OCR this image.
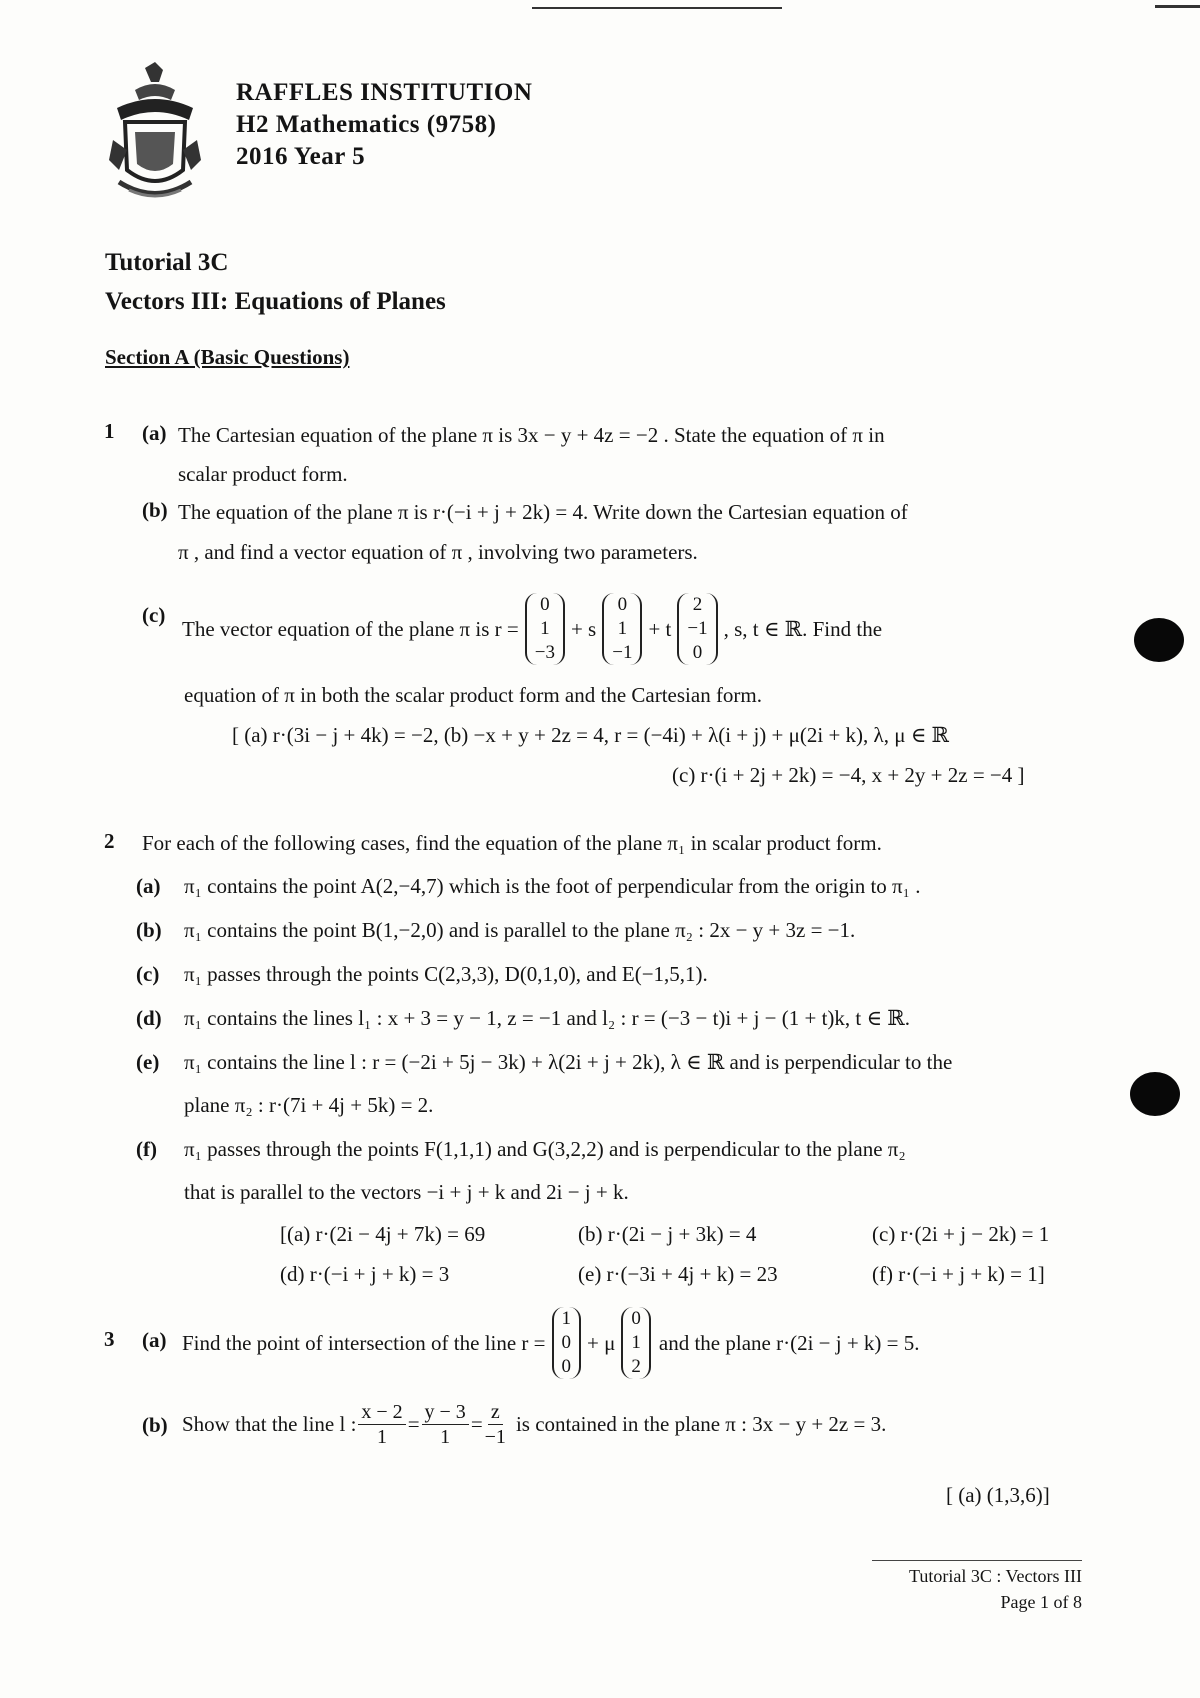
RAFFLES INSTITUTION
H2 Mathematics (9758)
2016 Year 5
Tutorial 3C
Vectors III: Equations of Planes
Section A (Basic Questions)
1 (a) The Cartesian equation of the plane π is 3x − y + 4z = −2 . State the equation of π in
scalar product form.
(b) The equation of the plane π is r·(−i + j + 2k) = 4. Write down the Cartesian equation of
π , and find a vector equation of π , involving two parameters.
(c)
The vector equation of the plane π is r =
0
1
−3
+ s
0
1
−1
+ t
2
−1
0
, s, t ∈ ℝ. Find the
equation of π in both the scalar product form and the Cartesian form.
[ (a) r·(3i − j + 4k) = −2, (b) −x + y + 2z = 4, r = (−4i) + λ(i + j) + μ(2i + k), λ, μ ∈ ℝ
(c) r·(i + 2j + 2k) = −4, x + 2y + 2z = −4 ]
2 For each of the following cases, find the equation of the plane π₁ in scalar product form.
(a) π₁ contains the point A(2,−4,7) which is the foot of perpendicular from the origin to π₁ .
(b) π₁ contains the point B(1,−2,0) and is parallel to the plane π₂ : 2x − y + 3z = −1.
(c) π₁ passes through the points C(2,3,3), D(0,1,0), and E(−1,5,1).
(d) π₁ contains the lines l₁ : x + 3 = y − 1, z = −1 and l₂ : r = (−3 − t)i + j − (1 + t)k, t ∈ ℝ.
(e) π₁ contains the line l : r = (−2i + 5j − 3k) + λ(2i + j + 2k), λ ∈ ℝ and is perpendicular to the
plane π₂ : r·(7i + 4j + 5k) = 2.
(f) π₁ passes through the points F(1,1,1) and G(3,2,2) and is perpendicular to the plane π₂
that is parallel to the vectors −i + j + k and 2i − j + k.
[(a) r·(2i − 4j + 7k) = 69	(b) r·(2i − j + 3k) = 4	(c) r·(2i + j − 2k) = 1
(d) r·(−i + j + k) = 3	(e) r·(−3i + 4j + k) = 23	(f) r·(−i + j + k) = 1]
3 (a) Find the point of intersection of the line r =
1
0
0
+ μ
0
1
2
and the plane r·(2i − j + k) = 5.
(b) Show that the line l : $\frac{x - 2}{1} = \frac{y - 3}{1} = \frac{z}{-1}$ is contained in the plane π : 3x − y + 2z = 3.
[ (a) (1,3,6)]
Tutorial 3C : Vectors III
Page 1 of 8
